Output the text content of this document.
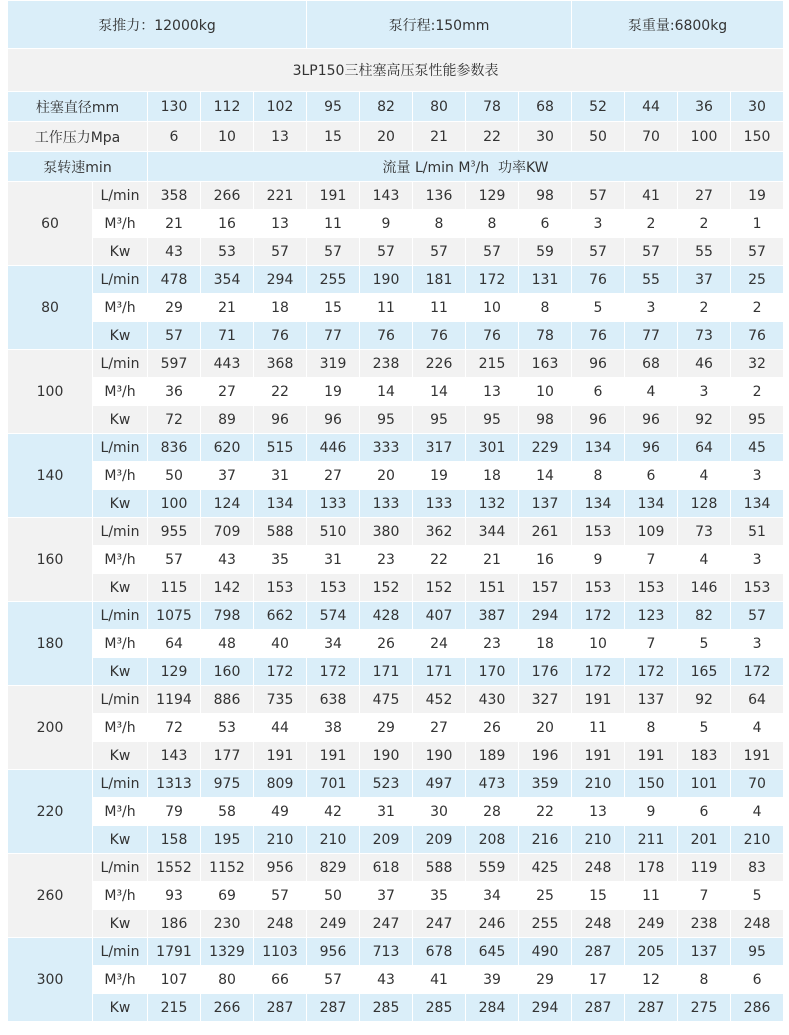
泵推力：12000kg					泵行程:150mm					泵重量:6800kg			
3LP150三柱塞高压泵性能参数表													
柱塞直径mm		130	112	102	95	82	80	78	68	52	44	36	30
工作压力Mpa		6	10	13	15	20	21	22	30	50	70	100	150
泵转速min		流量 L/min $M^3/h$  功率KW											
60	L/min	358	266	221	191	143	136	129	98	57	41	27	19
	M³/h	21	16	13	11	9	8	8	6	3	2	2	1
	Kw	43	53	57	57	57	57	57	59	57	57	55	57
80	L/min	478	354	294	255	190	181	172	131	76	55	37	25
	M³/h	29	21	18	15	11	11	10	8	5	3	2	2
	Kw	57	71	76	77	76	76	76	78	76	77	73	76
100	L/min	597	443	368	319	238	226	215	163	96	68	46	32
	M³/h	36	27	22	19	14	14	13	10	6	4	3	2
	Kw	72	89	96	96	95	95	95	98	96	96	92	95
140	L/min	836	620	515	446	333	317	301	229	134	96	64	45
	M³/h	50	37	31	27	20	19	18	14	8	6	4	3
	Kw	100	124	134	133	133	133	132	137	134	134	128	134
160	L/min	955	709	588	510	380	362	344	261	153	109	73	51
	M³/h	57	43	35	31	23	22	21	16	9	7	4	3
	Kw	115	142	153	153	152	152	151	157	153	153	146	153
180	L/min	1075	798	662	574	428	407	387	294	172	123	82	57
	M³/h	64	48	40	34	26	24	23	18	10	7	5	3
	Kw	129	160	172	172	171	171	170	176	172	172	165	172
200	L/min	1194	886	735	638	475	452	430	327	191	137	92	64
	M³/h	72	53	44	38	29	27	26	20	11	8	5	4
	Kw	143	177	191	191	190	190	189	196	191	191	183	191
220	L/min	1313	975	809	701	523	497	473	359	210	150	101	70
	M³/h	79	58	49	42	31	30	28	22	13	9	6	4
	Kw	158	195	210	210	209	209	208	216	210	211	201	210
260	L/min	1552	1152	956	829	618	588	559	425	248	178	119	83
	M³/h	93	69	57	50	37	35	34	25	15	11	7	5
	Kw	186	230	248	249	247	247	246	255	248	249	238	248
300	L/min	1791	1329	1103	956	713	678	645	490	287	205	137	95
	M³/h	107	80	66	57	43	41	39	29	17	12	8	6
	Kw	215	266	287	287	285	285	284	294	287	287	275	286
